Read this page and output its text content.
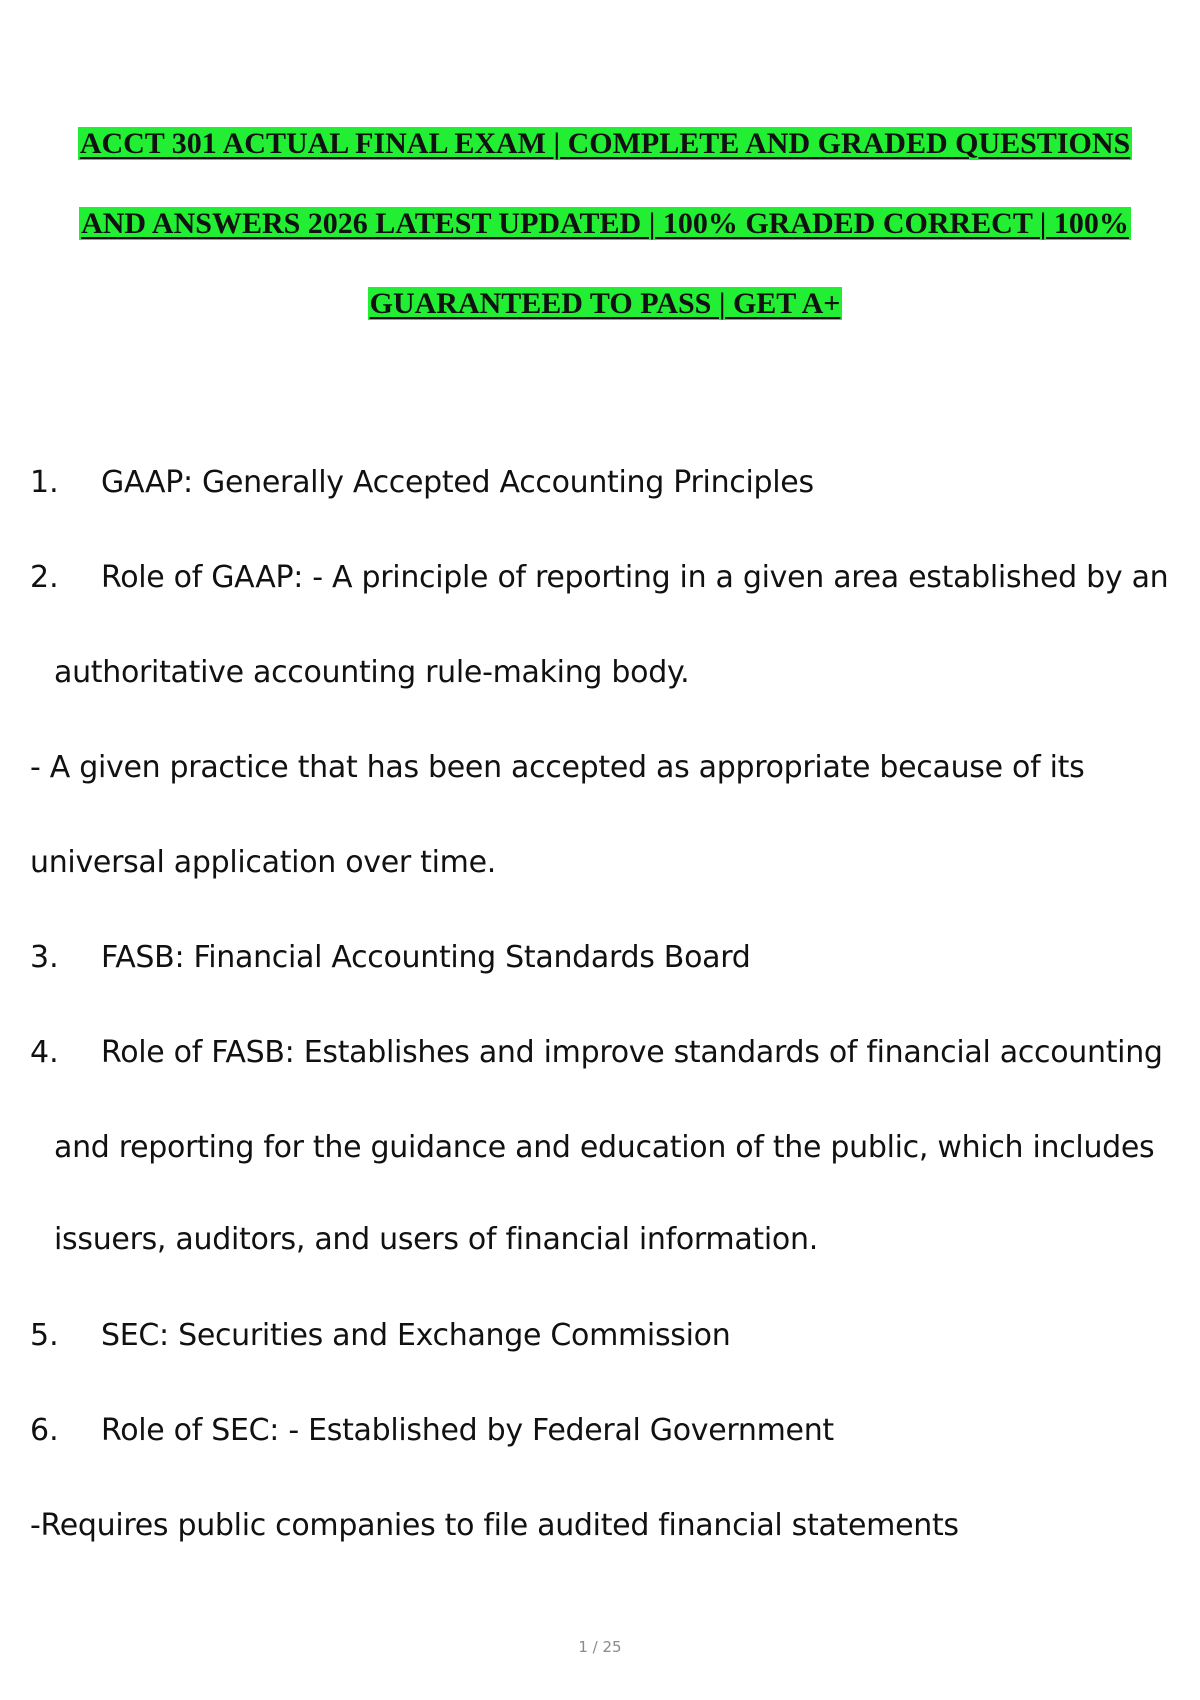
ACCT 301 ACTUAL FINAL EXAM | COMPLETE AND GRADED QUESTIONS
AND ANSWERS 2026 LATEST UPDATED | 100% GRADED CORRECT | 100%
GUARANTEED TO PASS | GET A+
1. GAAP: Generally Accepted Accounting Principles
2. Role of GAAP: - A principle of reporting in a given area established by an
authoritative accounting rule-making body.
- A given practice that has been accepted as appropriate because of its
universal application over time.
3. FASB: Financial Accounting Standards Board
4. Role of FASB: Establishes and improve standards of financial accounting
and reporting for the guidance and education of the public, which includes
issuers, auditors, and users of financial information.
5. SEC: Securities and Exchange Commission
6. Role of SEC: - Established by Federal Government
-Requires public companies to file audited financial statements
1 / 25
